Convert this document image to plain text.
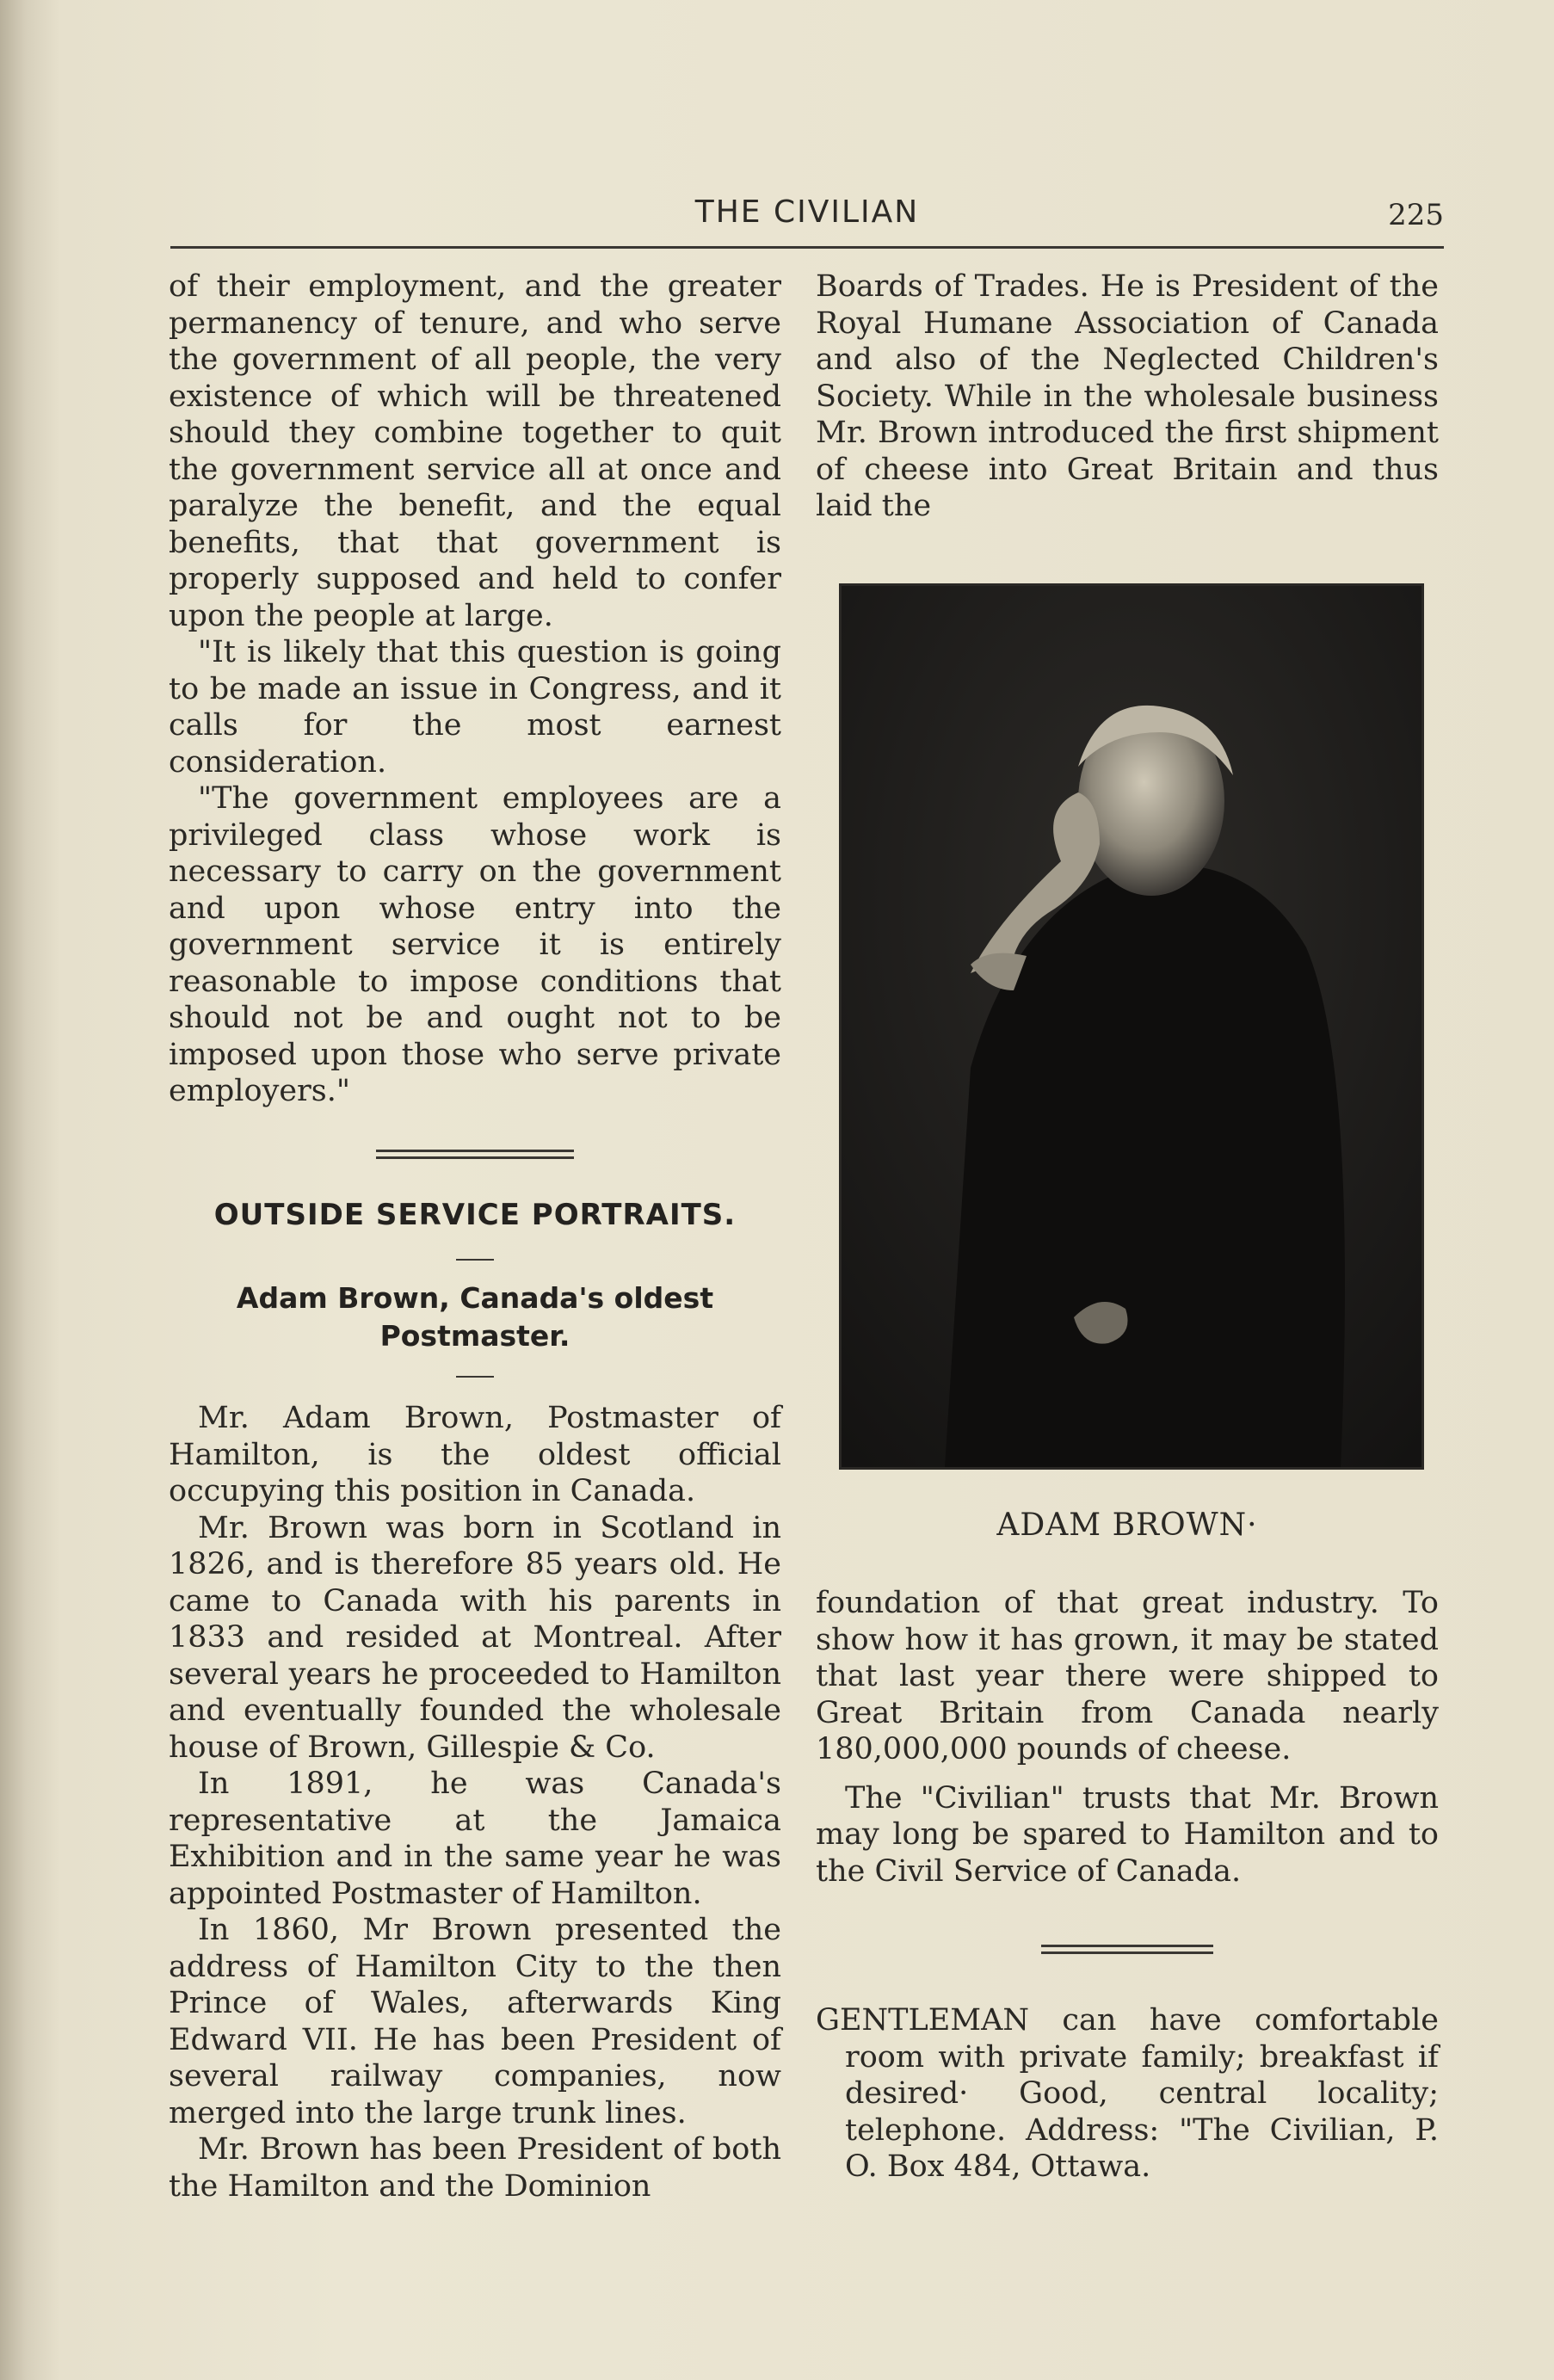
THE CIVILIAN	225

of their employment, and the greater permanency of tenure, and who serve the government of all people, the very existence of which will be threatened should they combine together to quit the government service all at once and paralyze the benefit, and the equal benefits, that that government is properly supposed and held to confer upon the people at large.

"It is likely that this question is going to be made an issue in Congress, and it calls for the most earnest consideration.

"The government employees are a privileged class whose work is necessary to carry on the government and upon whose entry into the government service it is entirely reasonable to impose conditions that should not be and ought not to be imposed upon those who serve private employers."

OUTSIDE SERVICE PORTRAITS.
Adam Brown, Canada's oldest Postmaster.

Mr. Adam Brown, Postmaster of Hamilton, is the oldest official occupying this position in Canada.

Mr. Brown was born in Scotland in 1826, and is therefore 85 years old. He came to Canada with his parents in 1833 and resided at Montreal. After several years he proceeded to Hamilton and eventually founded the wholesale house of Brown, Gillespie & Co.

In 1891, he was Canada's representative at the Jamaica Exhibition and in the same year he was appointed Postmaster of Hamilton.

In 1860, Mr Brown presented the address of Hamilton City to the then Prince of Wales, afterwards King Edward VII. He has been President of several railway companies, now merged into the large trunk lines.

Mr. Brown has been President of both the Hamilton and the Dominion

Boards of Trades. He is President of the Royal Humane Association of Canada and also of the Neglected Children's Society. While in the wholesale business Mr. Brown introduced the first shipment of cheese into Great Britain and thus laid the

ADAM BROWN·

foundation of that great industry. To show how it has grown, it may be stated that last year there were shipped to Great Britain from Canada nearly 180,000,000 pounds of cheese.

The "Civilian" trusts that Mr. Brown may long be spared to Hamilton and to the Civil Service of Canada.

GENTLEMAN can have comfortable room with private family; breakfast if desired· Good, central locality; telephone. Address: "The Civilian, P. O. Box 484, Ottawa.
